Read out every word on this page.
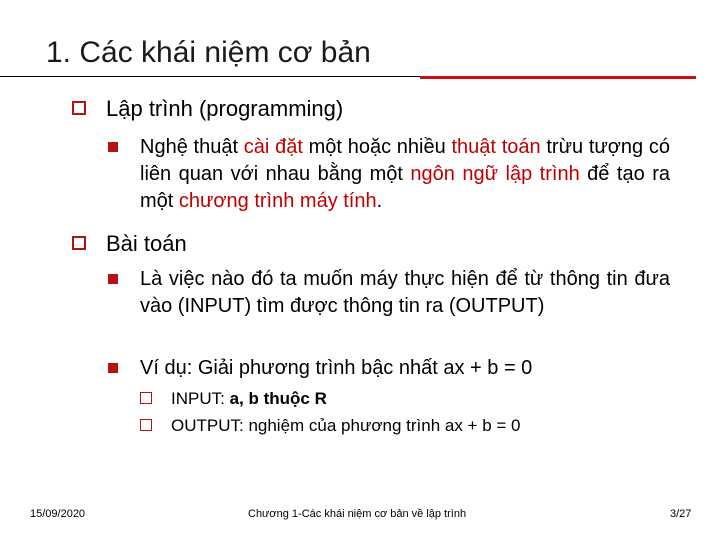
1. Các khái niệm cơ bản
Lập trình (programming)
Nghệ thuật cài đặt một hoặc nhiều thuật toán trừu tượng có liên quan với nhau bằng một ngôn ngữ lập trình để tạo ra một chương trình máy tính.
Bài toán
Là việc nào đó ta muốn máy thực hiện để từ thông tin đưa vào (INPUT) tìm được thông tin ra (OUTPUT)
Ví dụ: Giải phương trình bậc nhất ax + b = 0
INPUT: a, b thuộc R
OUTPUT: nghiệm của phương trình ax + b = 0
15/09/2020	Chương 1-Các khái niệm cơ bản về lập trình	3/27
